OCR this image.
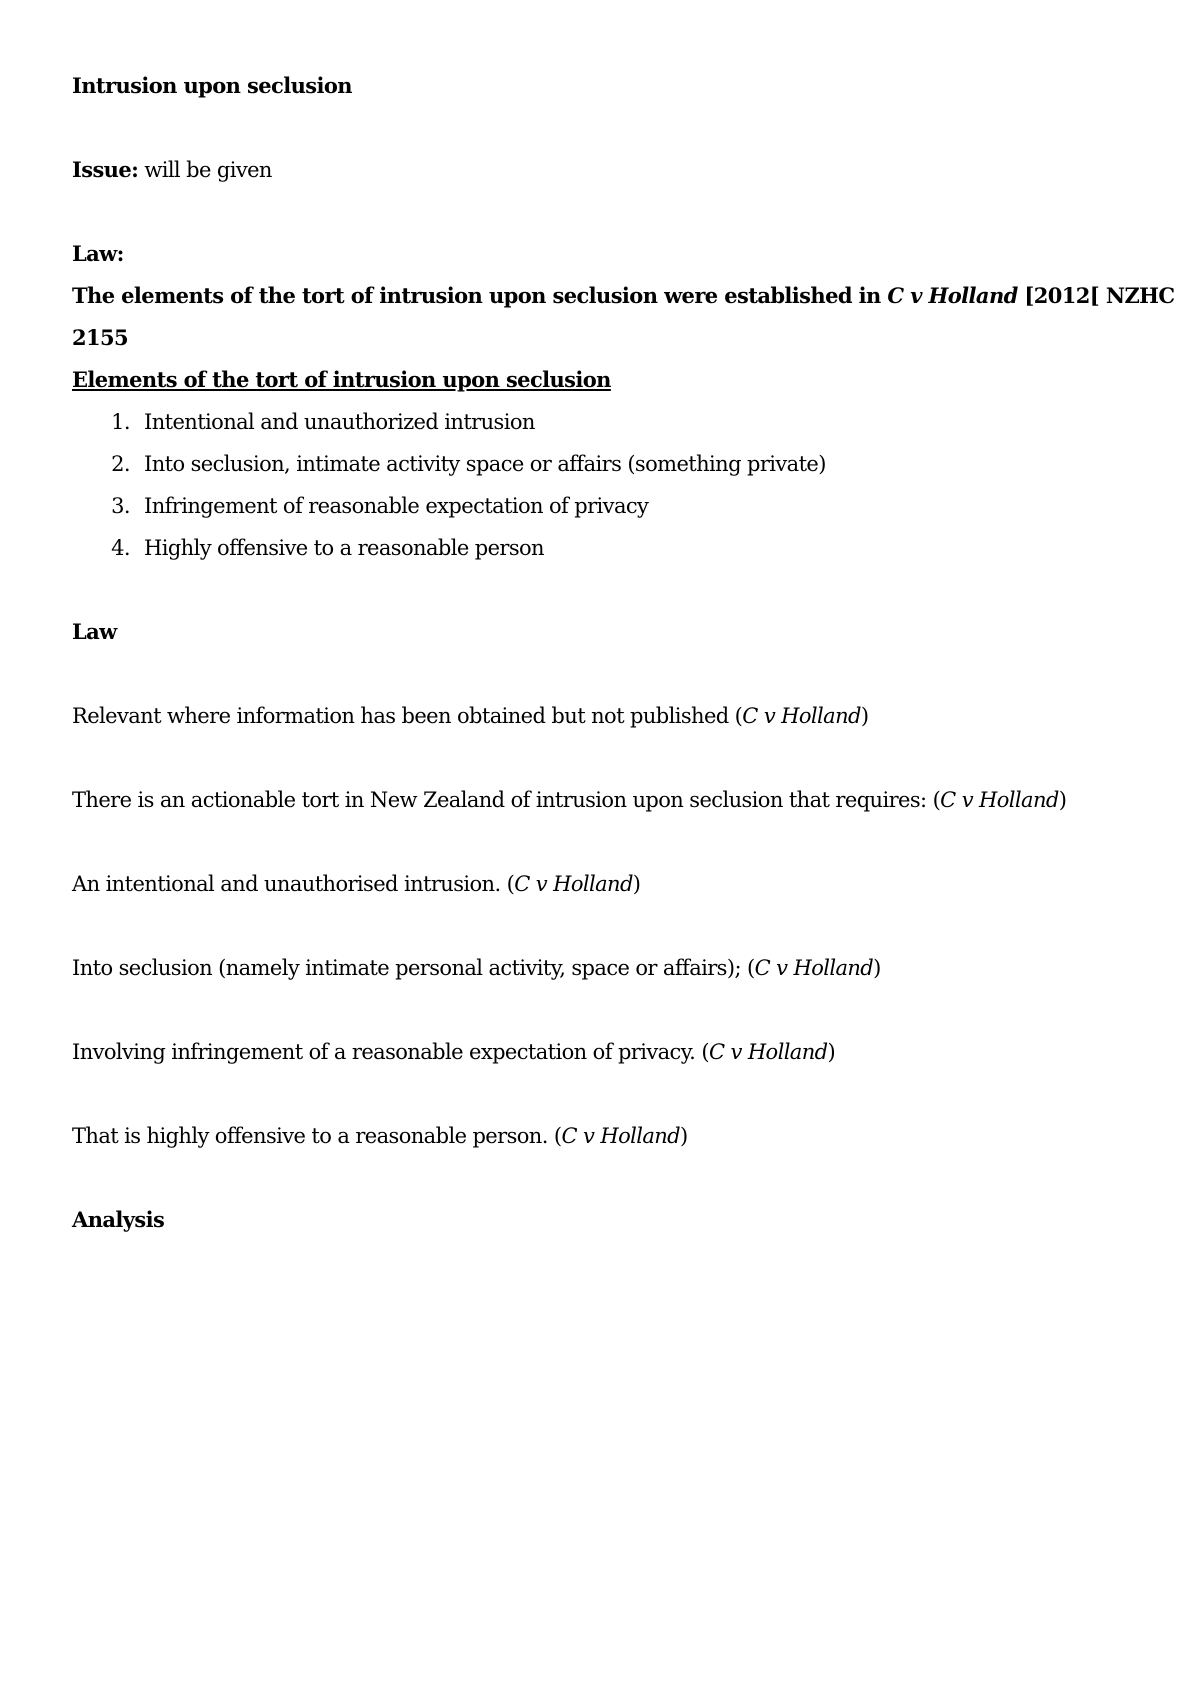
Intrusion upon seclusion
Issue: will be given
Law:
The elements of the tort of intrusion upon seclusion were established in C v Holland [2012[ NZHC
2155
Elements of the tort of intrusion upon seclusion
1. Intentional and unauthorized intrusion
2. Into seclusion, intimate activity space or affairs (something private)
3. Infringement of reasonable expectation of privacy
4. Highly offensive to a reasonable person
Law
Relevant where information has been obtained but not published (C v Holland)
There is an actionable tort in New Zealand of intrusion upon seclusion that requires: (C v Holland)
An intentional and unauthorised intrusion. (C v Holland)
Into seclusion (namely intimate personal activity, space or affairs); (C v Holland)
Involving infringement of a reasonable expectation of privacy. (C v Holland)
That is highly offensive to a reasonable person. (C v Holland)
Analysis
